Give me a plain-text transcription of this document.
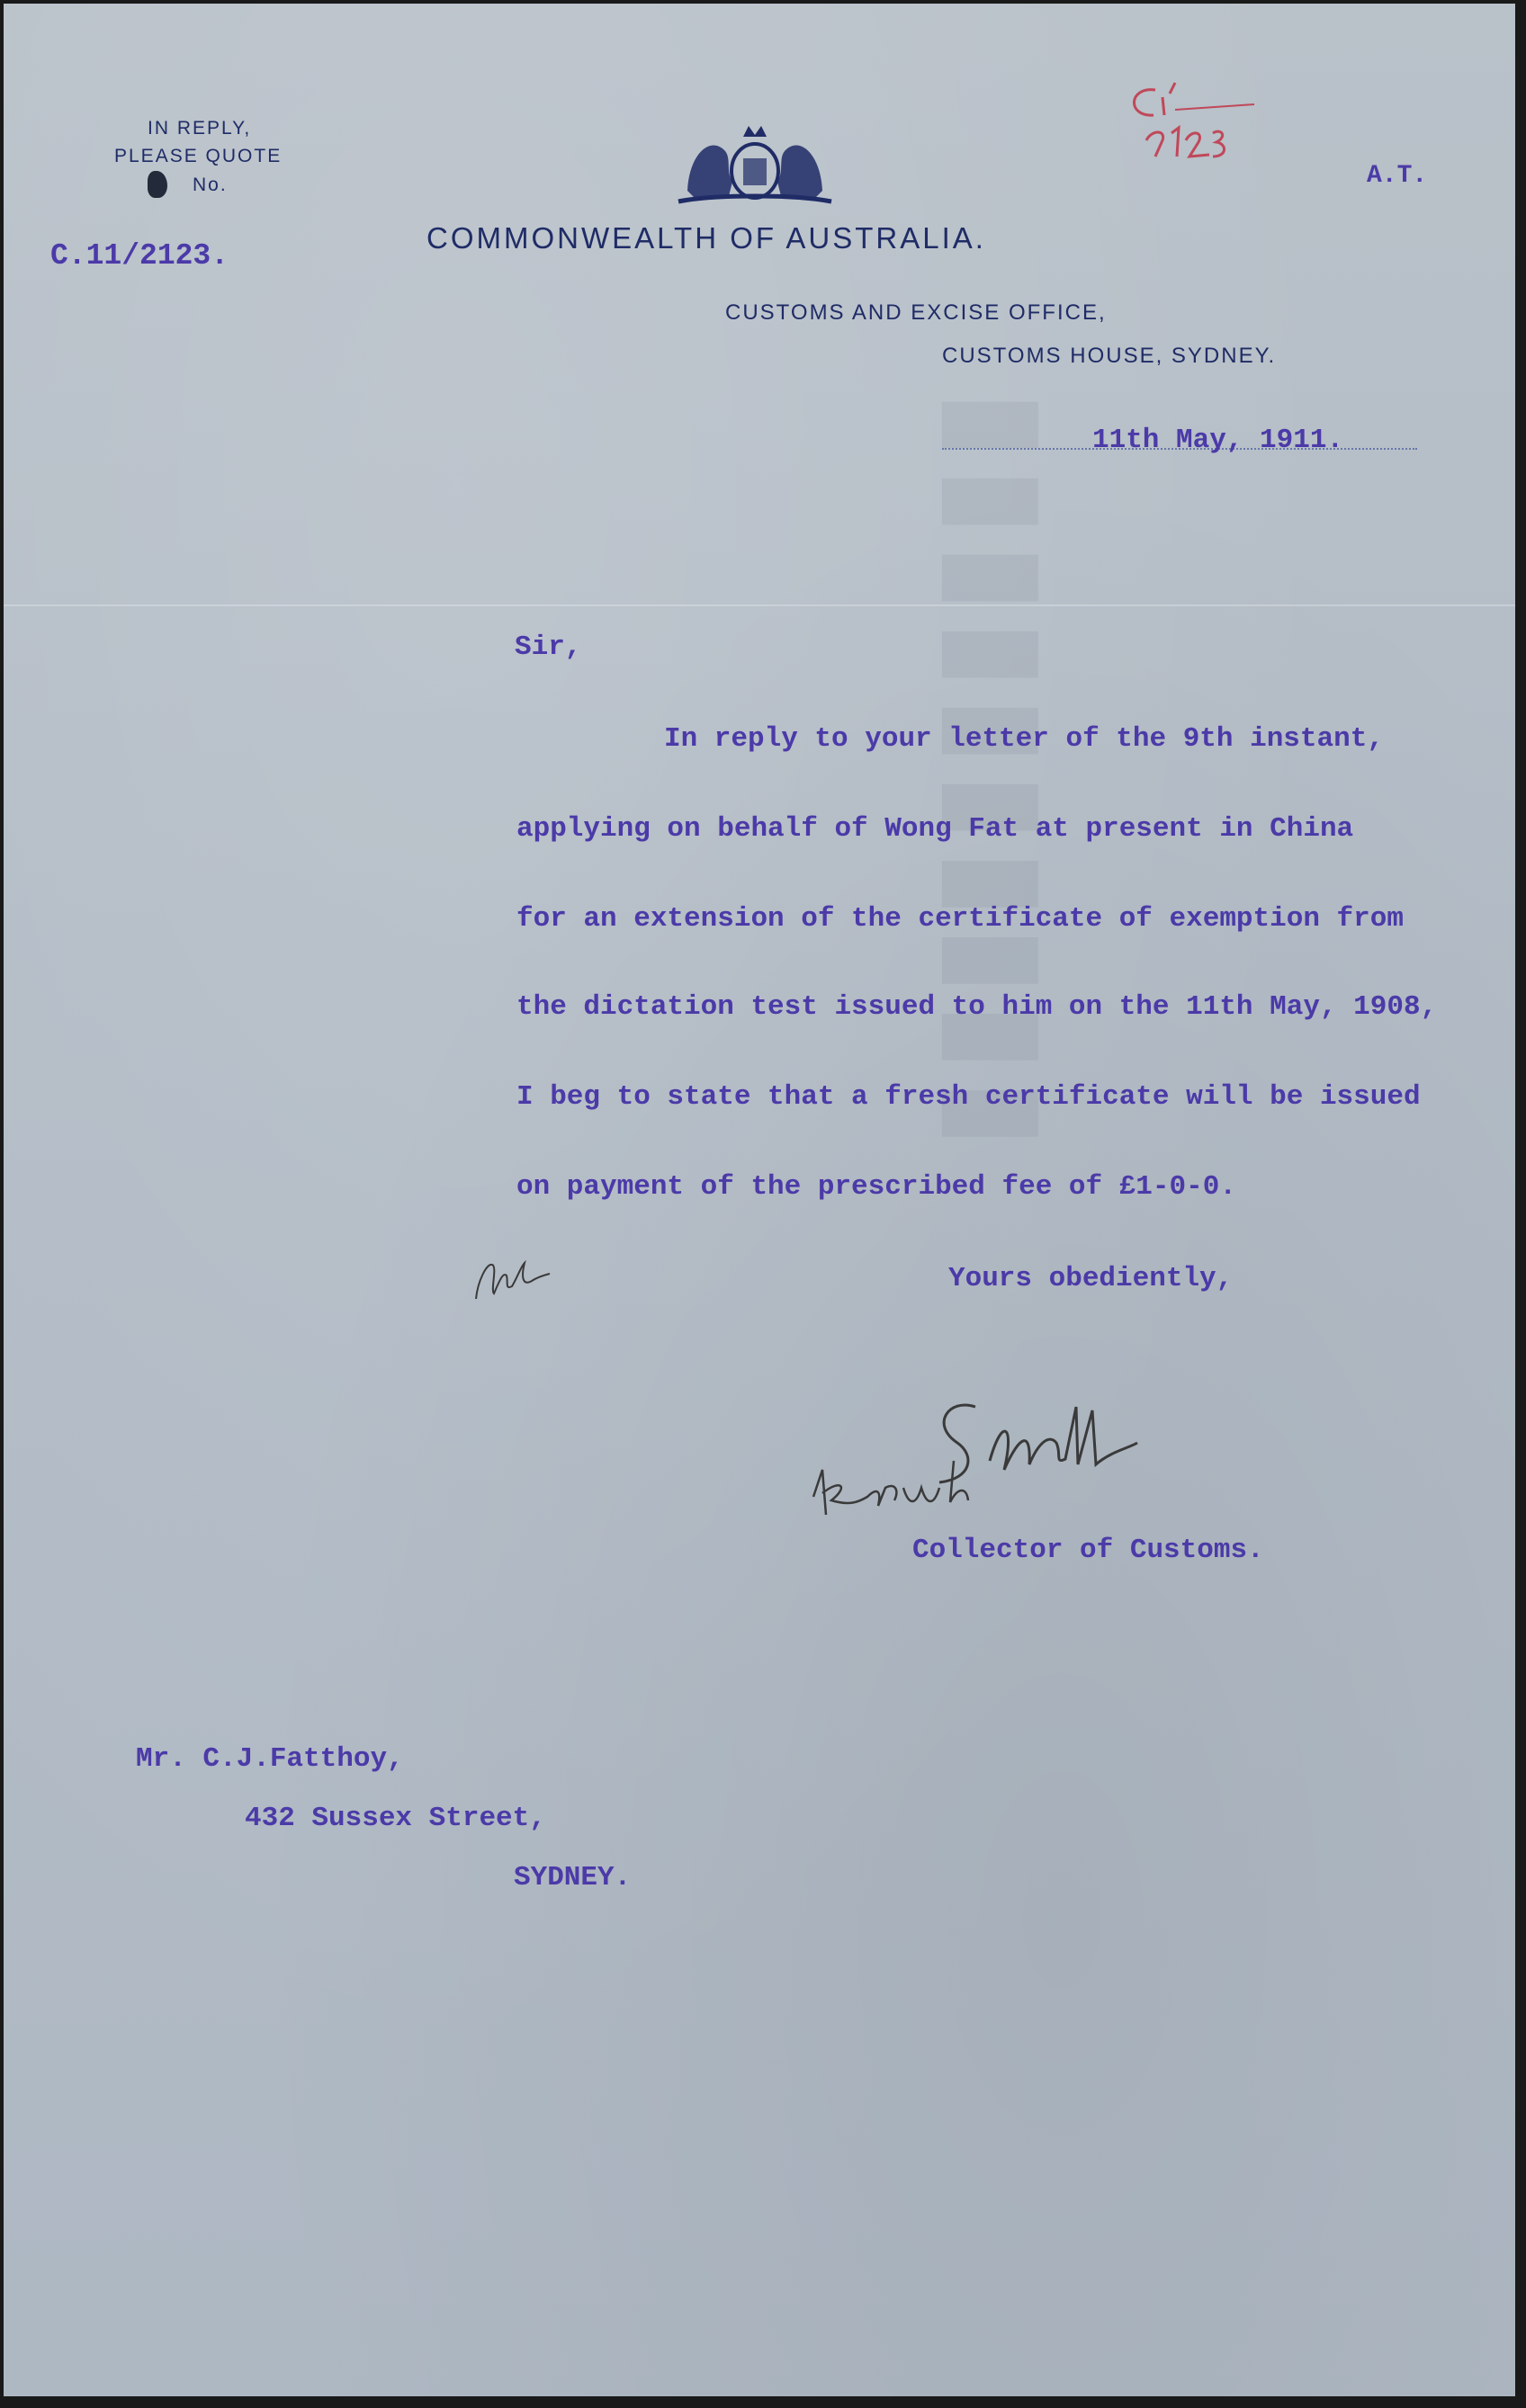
▮▮▮▮▮▮▮▮▮▮
IN REPLY,
PLEASE QUOTE
No.
C.11/2123.
A.T.
COMMONWEALTH OF AUSTRALIA.
CUSTOMS AND EXCISE OFFICE,
CUSTOMS HOUSE, SYDNEY.
11th May, 1911.
Sir,
In reply to your letter of the 9th instant,
applying on behalf of Wong Fat at present in China
for an extension of the certificate of exemption from
the dictation test issued to him on the 11th May, 1908,
I beg to state that a fresh certificate will be issued
on payment of the prescribed fee of £1-0-0.
Yours obediently,
Collector of Customs.
Mr. C.J.Fatthoy,
432 Sussex Street,
SYDNEY.
